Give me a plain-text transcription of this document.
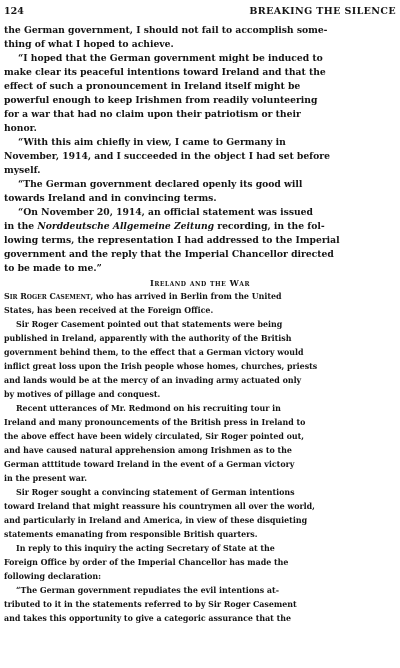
124	BREAKING THE SILENCE
the German government, I should not fail to accomplish some-
thing of what I hoped to achieve.
“I hoped that the German government might be induced to
make clear its peaceful intentions toward Ireland and that the
effect of such a pronouncement in Ireland itself might be
powerful enough to keep Irishmen from readily volunteering
for a war that had no claim upon their patriotism or their
honor.
“With this aim chiefly in view, I came to Germany in
November, 1914, and I succeeded in the object I had set before
myself.
“The German government declared openly its good will
towards Ireland and in convincing terms.
“On November 20, 1914, an official statement was issued
in the Norddeutsche Allgemeine Zeitung recording, in the fol-
lowing terms, the representation I had addressed to the Imperial
government and the reply that the Imperial Chancellor directed
to be made to me.”
Ireland and the War
Sir Roger Casement, who has arrived in Berlin from the United
States, has been received at the Foreign Office.
Sir Roger Casement pointed out that statements were being
published in Ireland, apparently with the authority of the British
government behind them, to the effect that a German victory would
inflict great loss upon the Irish people whose homes, churches, priests
and lands would be at the mercy of an invading army actuated only
by motives of pillage and conquest.
Recent utterances of Mr. Redmond on his recruiting tour in
Ireland and many pronouncements of the British press in Ireland to
the above effect have been widely circulated, Sir Roger pointed out,
and have caused natural apprehension among Irishmen as to the
German atttitude toward Ireland in the event of a German victory
in the present war.
Sir Roger sought a convincing statement of German intentions
toward Ireland that might reassure his countrymen all over the world,
and particularly in Ireland and America, in view of these disquieting
statements emanating from responsible British quarters.
In reply to this inquiry the acting Secretary of State at the
Foreign Office by order of the Imperial Chancellor has made the
following declaration:
“The German government repudiates the evil intentions at-
tributed to it in the statements referred to by Sir Roger Casement
and takes this opportunity to give a categoric assurance that the
